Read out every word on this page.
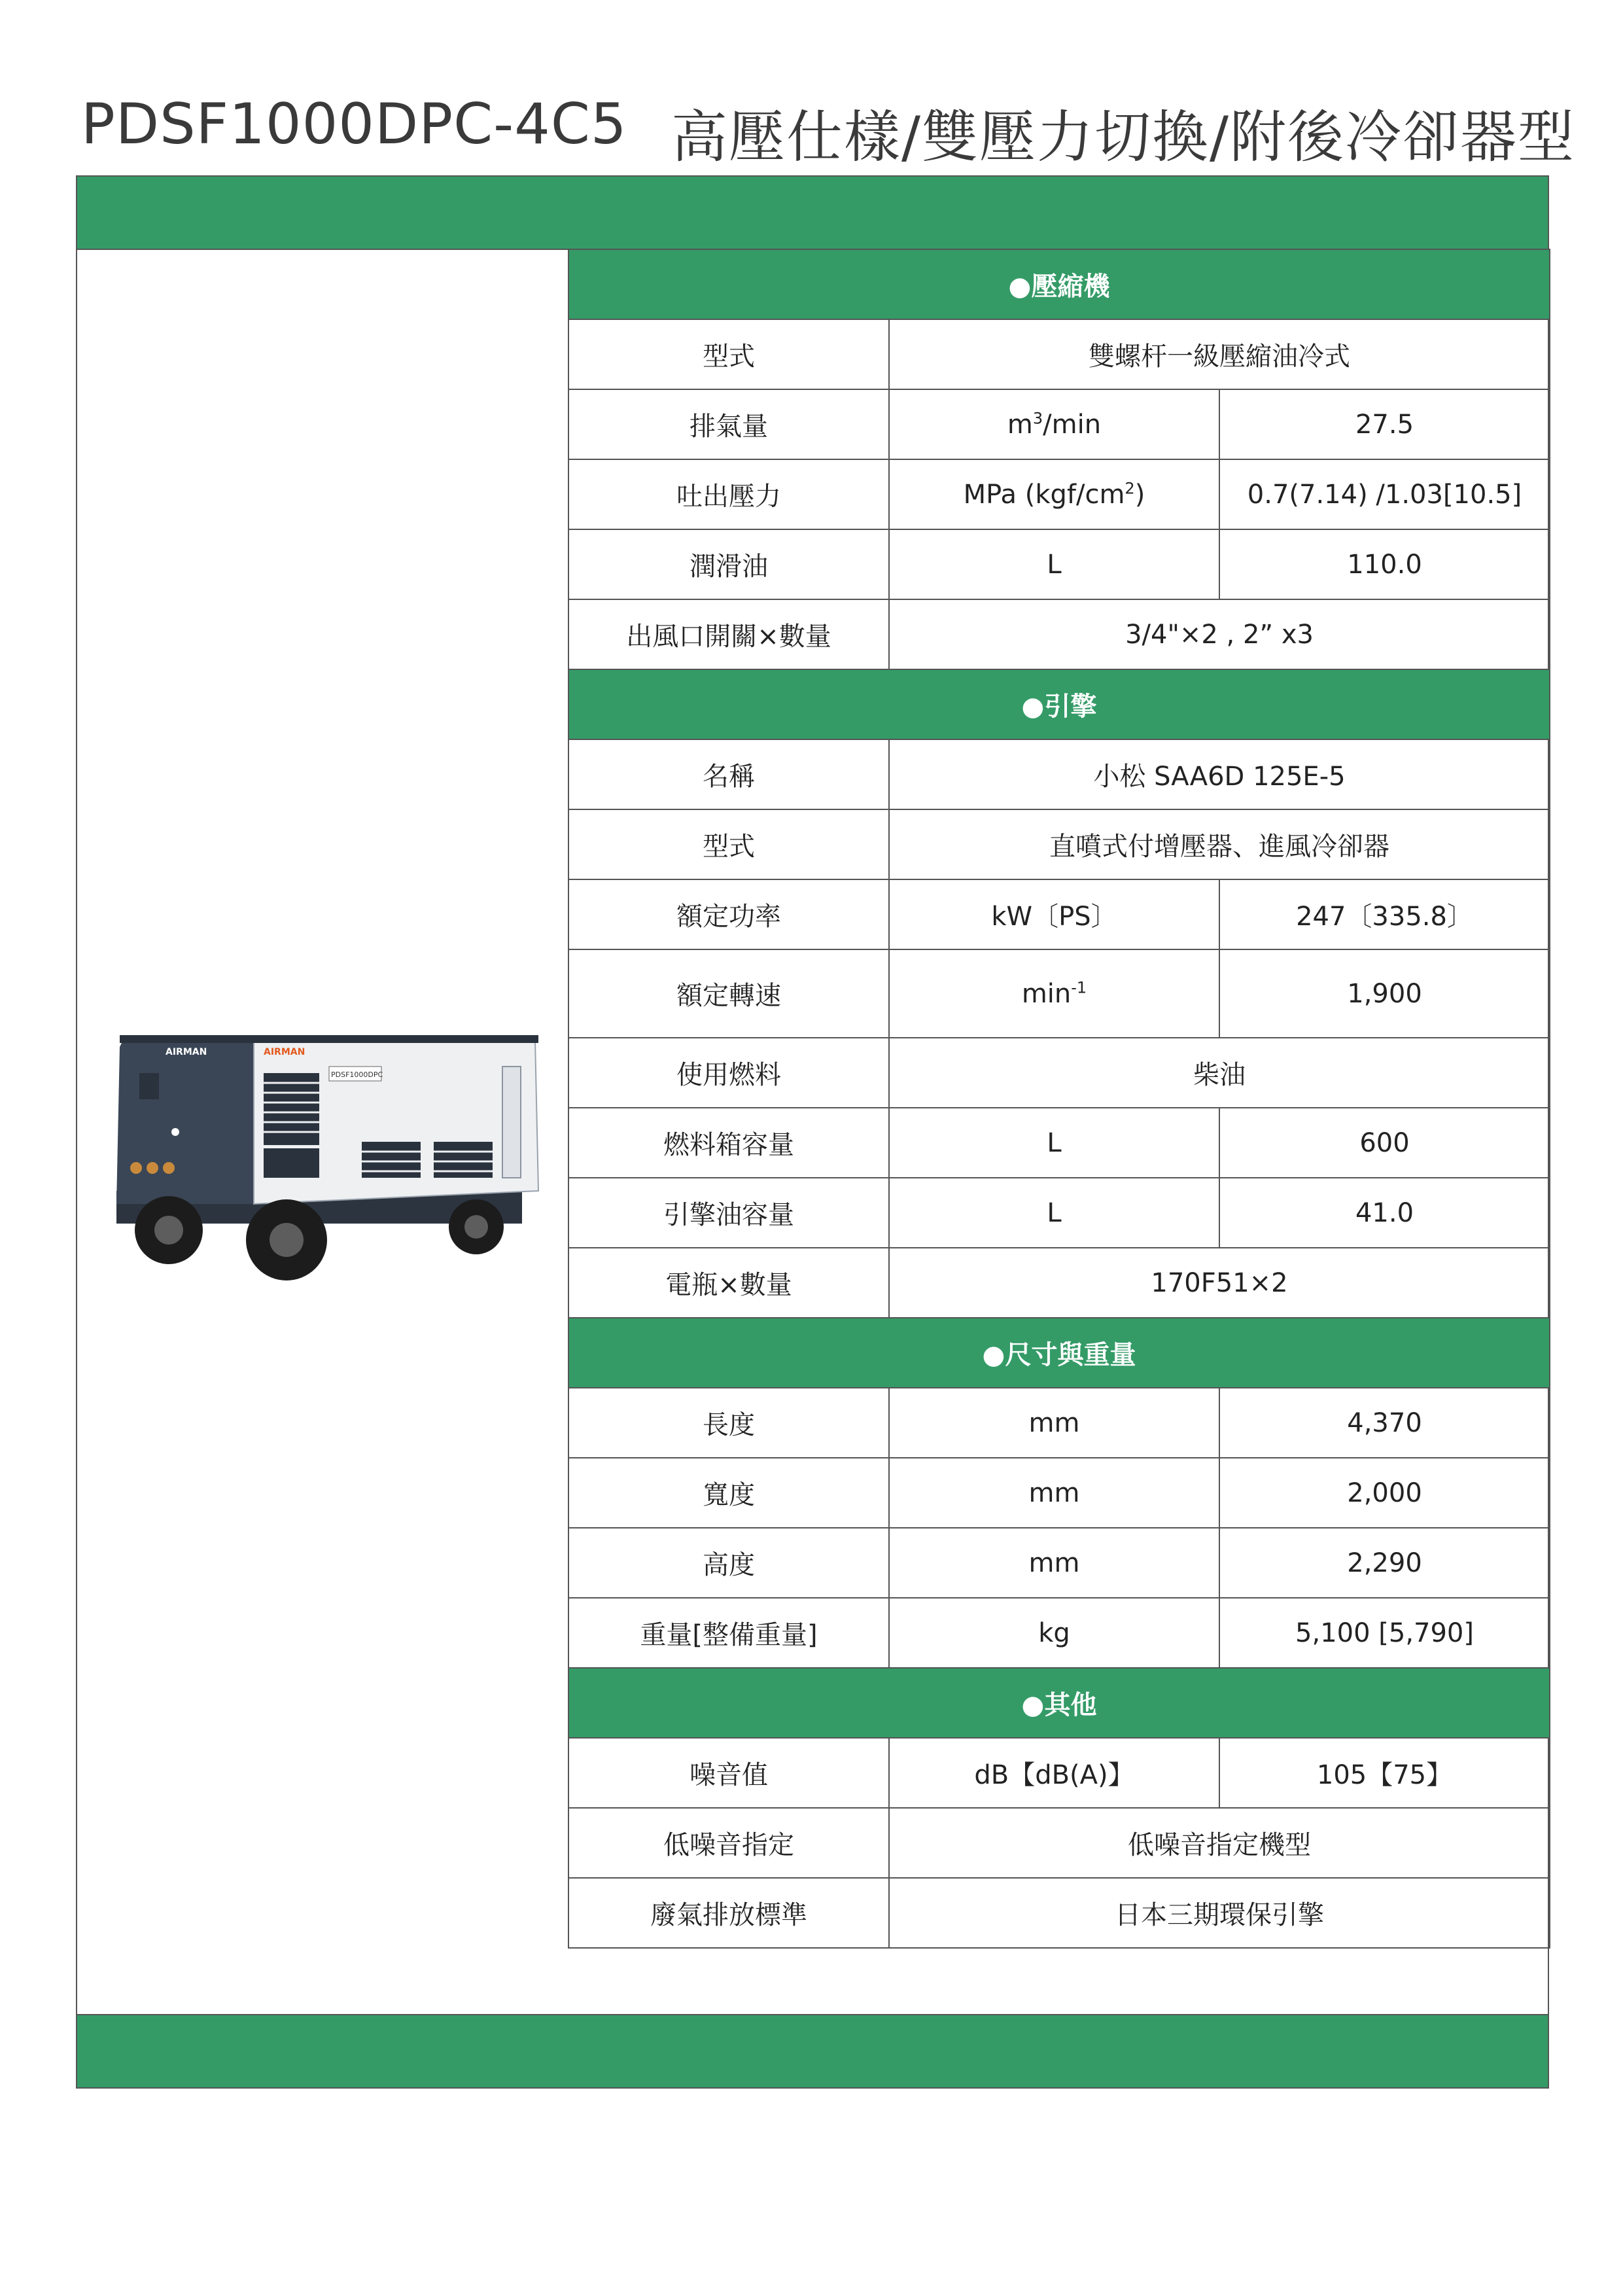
PDSF1000DPC-4C5 高壓仕樣/雙壓力切換/附後冷卻器型
AIRMAN	AIRMAN
PDSF1000DPC
●壓縮機		
型式	雙螺杆一級壓縮油冷式	
排氣量	$m^3/\min$	27.5
吐出壓力	MPa $(kgf/cm^2)$	0.7(7.14) /1.03[10.5]
潤滑油	L	110.0
出風口開關×數量	3/4"×2 , 2” x3	
●引擎		
名稱	小松 SAA6D 125E-5	
型式	直噴式付增壓器、進風冷卻器	
額定功率	kW〔PS〕	247〔335.8〕
額定轉速	$\min^{-1}$	1,900
使用燃料	柴油	
燃料箱容量	L	600
引擎油容量	L	41.0
電瓶×數量	170F51×2	
●尺寸與重量		
長度	mm	4,370
寬度	mm	2,000
高度	mm	2,290
重量[整備重量]	kg	5,100 [5,790]
●其他		
噪音值	dB【dB(A)】	105【75】
低噪音指定	低噪音指定機型	
廢氣排放標準	日本三期環保引擎	
